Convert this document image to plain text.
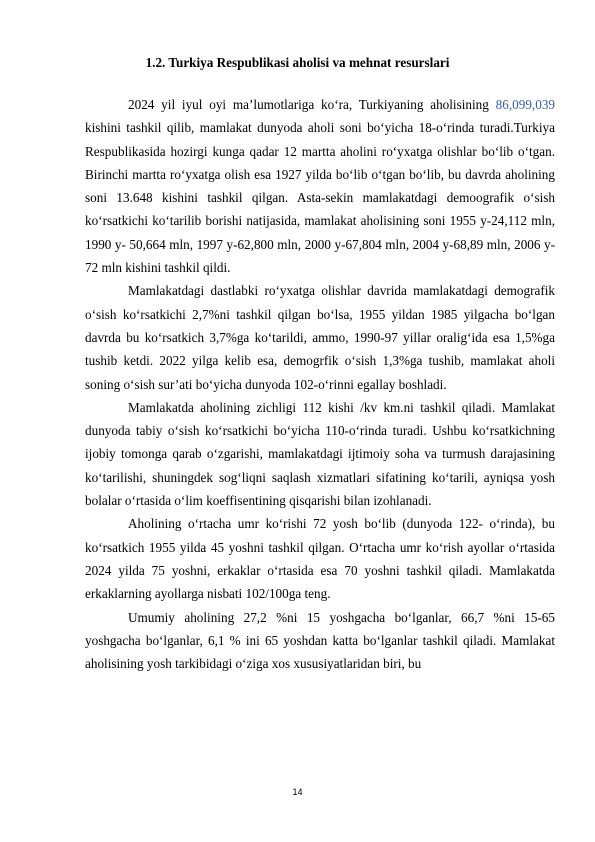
1.2. Turkiya Respublikasi aholisi va mehnat resurslari

2024 yil iyul oyi ma’lumotlariga ko‘ra, Turkiyaning aholisining 86,099,039 kishini tashkil qilib, mamlakat dunyoda aholi soni bo‘yicha 18-o‘rinda turadi.Turkiya Respublikasida hozirgi kunga qadar 12 martta aholini ro‘yxatga olishlar bo‘lib o‘tgan. Birinchi martta ro‘yxatga olish esa 1927 yilda bo‘lib o‘tgan bo‘lib, bu davrda aholining soni 13.648 kishini tashkil qilgan. Asta-sekin mamlakatdagi demoografik o‘sish ko‘rsatkichi ko‘tarilib borishi natijasida, mamlakat aholisining soni 1955 y-24,112 mln, 1990 y- 50,664 mln, 1997 y-62,800 mln, 2000 y-67,804 mln, 2004 y-68,89 mln, 2006 y-72 mln kishini tashkil qildi.

Mamlakatdagi dastlabki ro‘yxatga olishlar davrida mamlakatdagi demografik o‘sish ko‘rsatkichi 2,7%ni tashkil qilgan bo‘lsa, 1955 yildan 1985 yilgacha bo‘lgan davrda bu ko‘rsatkich 3,7%ga ko‘tarildi, ammo, 1990-97 yillar oralig‘ida esa 1,5%ga tushib ketdi. 2022 yilga kelib esa, demogrfik o‘sish 1,3%ga tushib, mamlakat aholi soning o‘sish sur’ati bo‘yicha dunyoda 102-o‘rinni egallay boshladi.

Mamlakatda aholining zichligi 112 kishi /kv km.ni tashkil qiladi. Mamlakat dunyoda tabiy o‘sish ko‘rsatkichi bo‘yicha 110-o‘rinda turadi. Ushbu ko‘rsatkichning ijobiy tomonga qarab o‘zgarishi, mamlakatdagi ijtimoiy soha va turmush darajasining ko‘tarilishi, shuningdek sog‘liqni saqlash xizmatlari sifatining ko‘tarili, ayniqsa yosh bolalar o‘rtasida o‘lim koeffisentining qisqarishi bilan izohlanadi.

Aholining o‘rtacha umr ko‘rishi 72 yosh bo‘lib (dunyoda 122- o‘rinda), bu ko‘rsatkich 1955 yilda 45 yoshni tashkil qilgan. O‘rtacha umr ko‘rish ayollar o‘rtasida 2024 yilda 75 yoshni, erkaklar o‘rtasida esa 70 yoshni tashkil qiladi. Mamlakatda erkaklarning ayollarga nisbati 102/100ga teng.

Umumiy aholining 27,2 %ni 15 yoshgacha bo‘lganlar, 66,7 %ni 15-65 yoshgacha bo‘lganlar, 6,1 % ini 65 yoshdan katta bo‘lganlar tashkil qiladi. Mamlakat aholisining yosh tarkibidagi o‘ziga xos xususiyatlaridan biri, bu

14
